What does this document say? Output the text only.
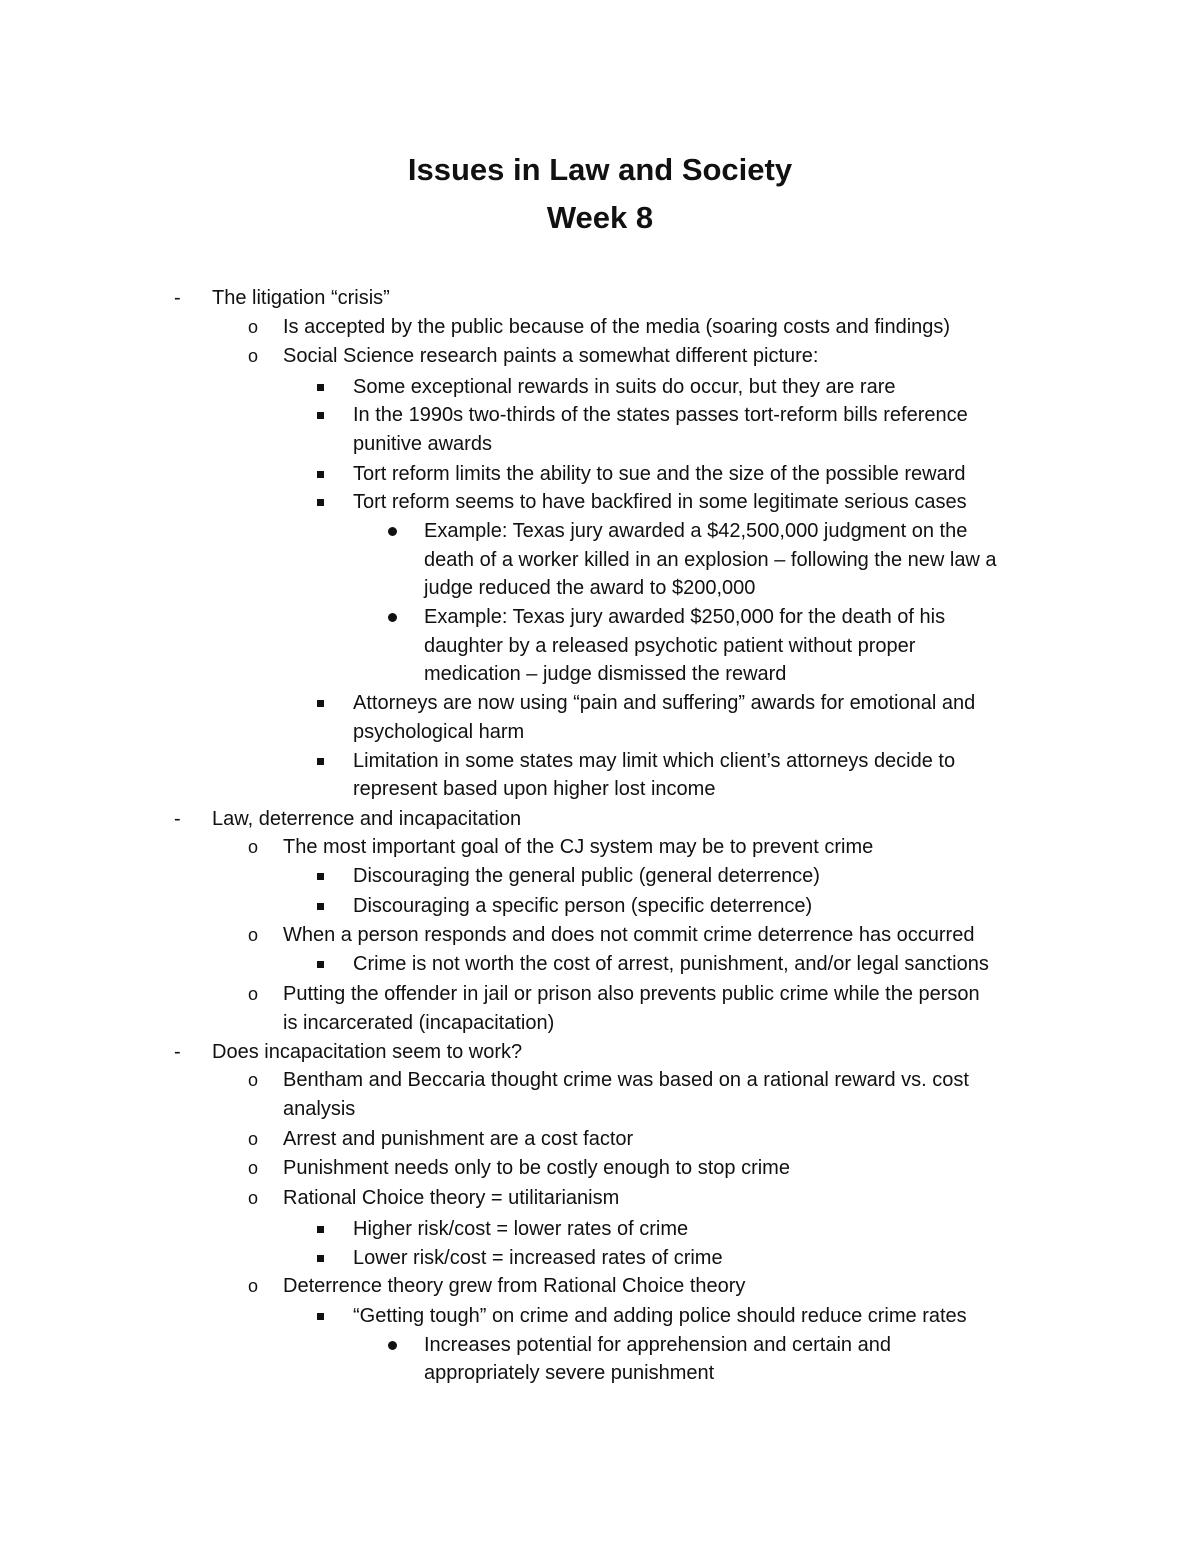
Issues in Law and Society
Week 8
- The litigation “crisis”
o Is accepted by the public because of the media (soaring costs and findings)
o Social Science research paints a somewhat different picture:
Some exceptional rewards in suits do occur, but they are rare
In the 1990s two-thirds of the states passes tort-reform bills reference
punitive awards
Tort reform limits the ability to sue and the size of the possible reward
Tort reform seems to have backfired in some legitimate serious cases
Example: Texas jury awarded a $42,500,000 judgment on the
death of a worker killed in an explosion – following the new law a
judge reduced the award to $200,000
Example: Texas jury awarded $250,000 for the death of his
daughter by a released psychotic patient without proper
medication – judge dismissed the reward
Attorneys are now using “pain and suffering” awards for emotional and
psychological harm
Limitation in some states may limit which client’s attorneys decide to
represent based upon higher lost income
- Law, deterrence and incapacitation
o The most important goal of the CJ system may be to prevent crime
Discouraging the general public (general deterrence)
Discouraging a specific person (specific deterrence)
o When a person responds and does not commit crime deterrence has occurred
Crime is not worth the cost of arrest, punishment, and/or legal sanctions
o Putting the offender in jail or prison also prevents public crime while the person
is incarcerated (incapacitation)
- Does incapacitation seem to work?
o Bentham and Beccaria thought crime was based on a rational reward vs. cost
analysis
o Arrest and punishment are a cost factor
o Punishment needs only to be costly enough to stop crime
o Rational Choice theory = utilitarianism
Higher risk/cost = lower rates of crime
Lower risk/cost = increased rates of crime
o Deterrence theory grew from Rational Choice theory
“Getting tough” on crime and adding police should reduce crime rates
Increases potential for apprehension and certain and
appropriately severe punishment
